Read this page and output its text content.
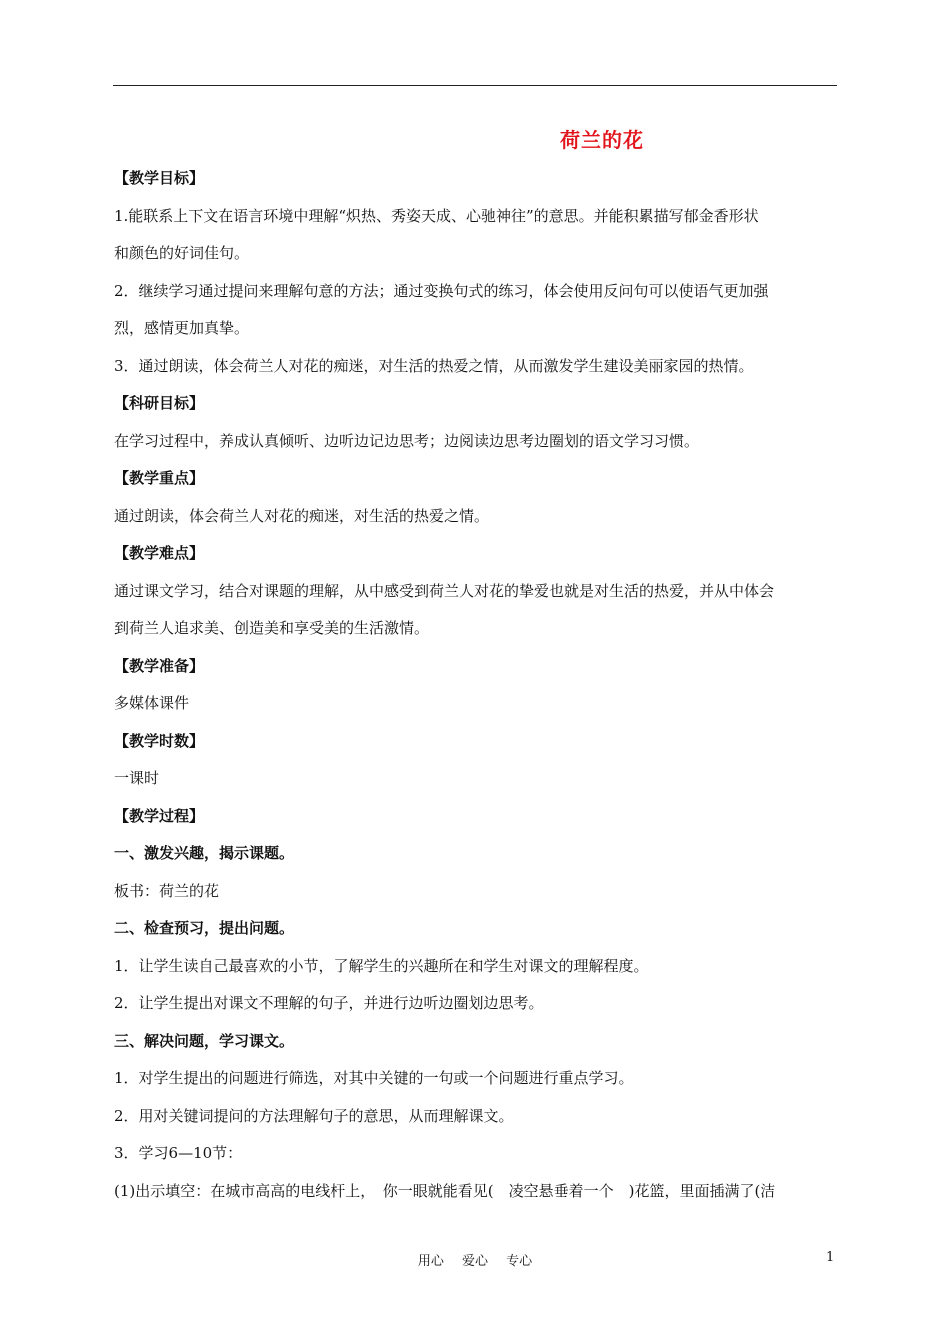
荷兰的花
【教学目标】
1.能联系上下文在语言环境中理解“炽热、秀姿天成、心驰神往”的意思。并能积累描写郁金香形状
和颜色的好词佳句。
2．继续学习通过提问来理解句意的方法；通过变换句式的练习，体会使用反问句可以使语气更加强
烈，感情更加真挚。
3．通过朗读，体会荷兰人对花的痴迷，对生活的热爱之情，从而激发学生建设美丽家园的热情。
【科研目标】
在学习过程中，养成认真倾听、边听边记边思考；边阅读边思考边圈划的语文学习习惯。
【教学重点】
通过朗读，体会荷兰人对花的痴迷，对生活的热爱之情。
【教学难点】
通过课文学习，结合对课题的理解，从中感受到荷兰人对花的挚爱也就是对生活的热爱，并从中体会
到荷兰人追求美、创造美和享受美的生活激情。
【教学准备】
多媒体课件
【教学时数】
一课时
【教学过程】
一、激发兴趣，揭示课题。
板书：荷兰的花
二、检查预习，提出问题。
1．让学生读自己最喜欢的小节，了解学生的兴趣所在和学生对课文的理解程度。
2．让学生提出对课文不理解的句子，并进行边听边圈划边思考。
三、解决问题，学习课文。
1．对学生提出的问题进行筛选，对其中关键的一句或一个问题进行重点学习。
2．用对关键词提问的方法理解句子的意思，从而理解课文。
3．学习6—10节：
(1)出示填空：在城市高高的电线杆上，　你一眼就能看见(　凌空悬垂着一个　)花篮，里面插满了(洁
用心 爱心 专心	1
